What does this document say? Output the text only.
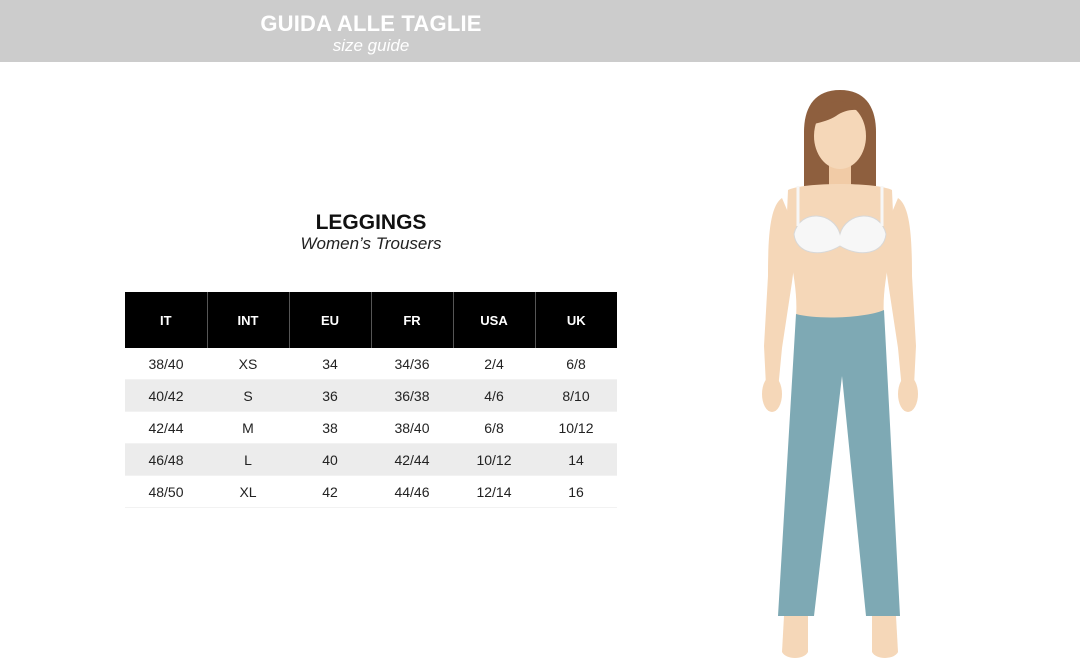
GUIDA ALLE TAGLIE
size guide
LEGGINGS
Women’s Trousers
IT	INT	EU	FR	USA	UK
38/40	XS	34	34/36	2/4	6/8
40/42	S	36	36/38	4/6	8/10
42/44	M	38	38/40	6/8	10/12
46/48	L	40	42/44	10/12	14
48/50	XL	42	44/46	12/14	16
